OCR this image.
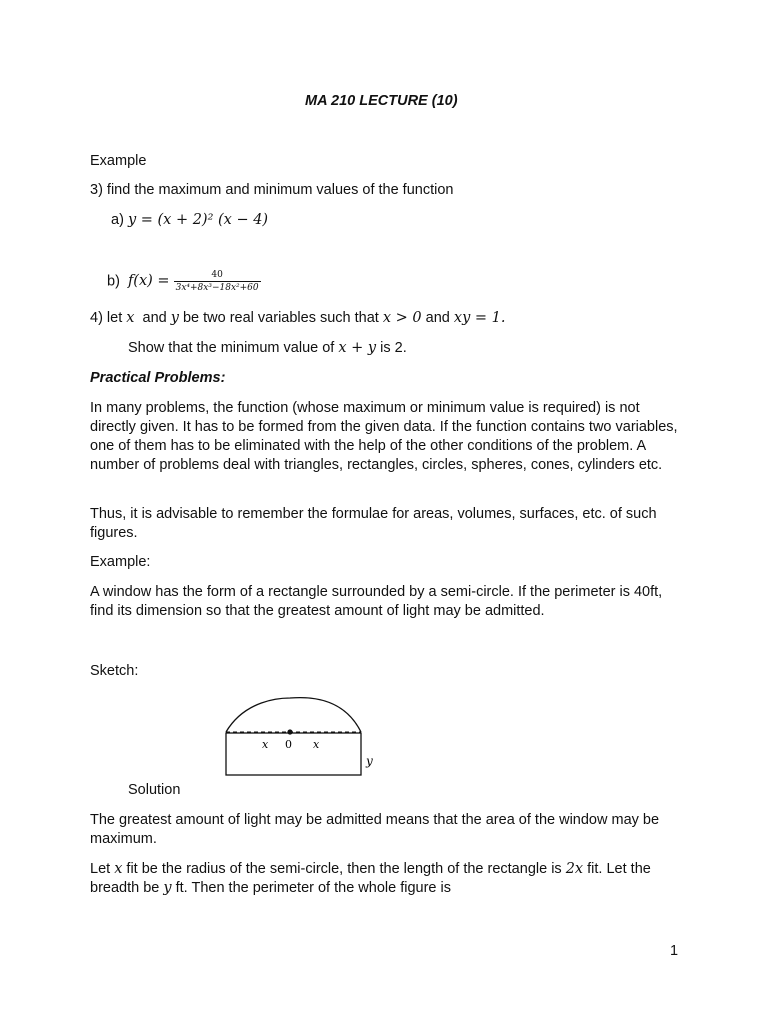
MA 210 LECTURE (10)
Example
3) find the maximum and minimum values of the function
a) y = (x + 2)² (x − 4)
b) $f(x) = \frac{40}{\text{3x⁴+8x³−18x²+60}}$
4) let x and y be two real variables such that x > 0 and xy = 1.
Show that the minimum value of x + y is 2.
Practical Problems:
In many problems, the function (whose maximum or minimum value is required) is not directly given. It has to be formed from the given data. If the function contains two variables, one of them has to be eliminated with the help of the other conditions of the problem. A number of problems deal with triangles, rectangles, circles, spheres, cones, cylinders etc.
Thus, it is advisable to remember the formulae for areas, volumes, surfaces, etc. of such figures.
Example:
A window has the form of a rectangle surrounded by a semi-circle. If the perimeter is 40ft, find its dimension so that the greatest amount of light may be admitted.
Sketch:
x 0 x
y
Solution
The greatest amount of light may be admitted means that the area of the window may be maximum.
Let x fit be the radius of the semi-circle, then the length of the rectangle is 2x fit. Let the breadth be y ft. Then the perimeter of the whole figure is
1
